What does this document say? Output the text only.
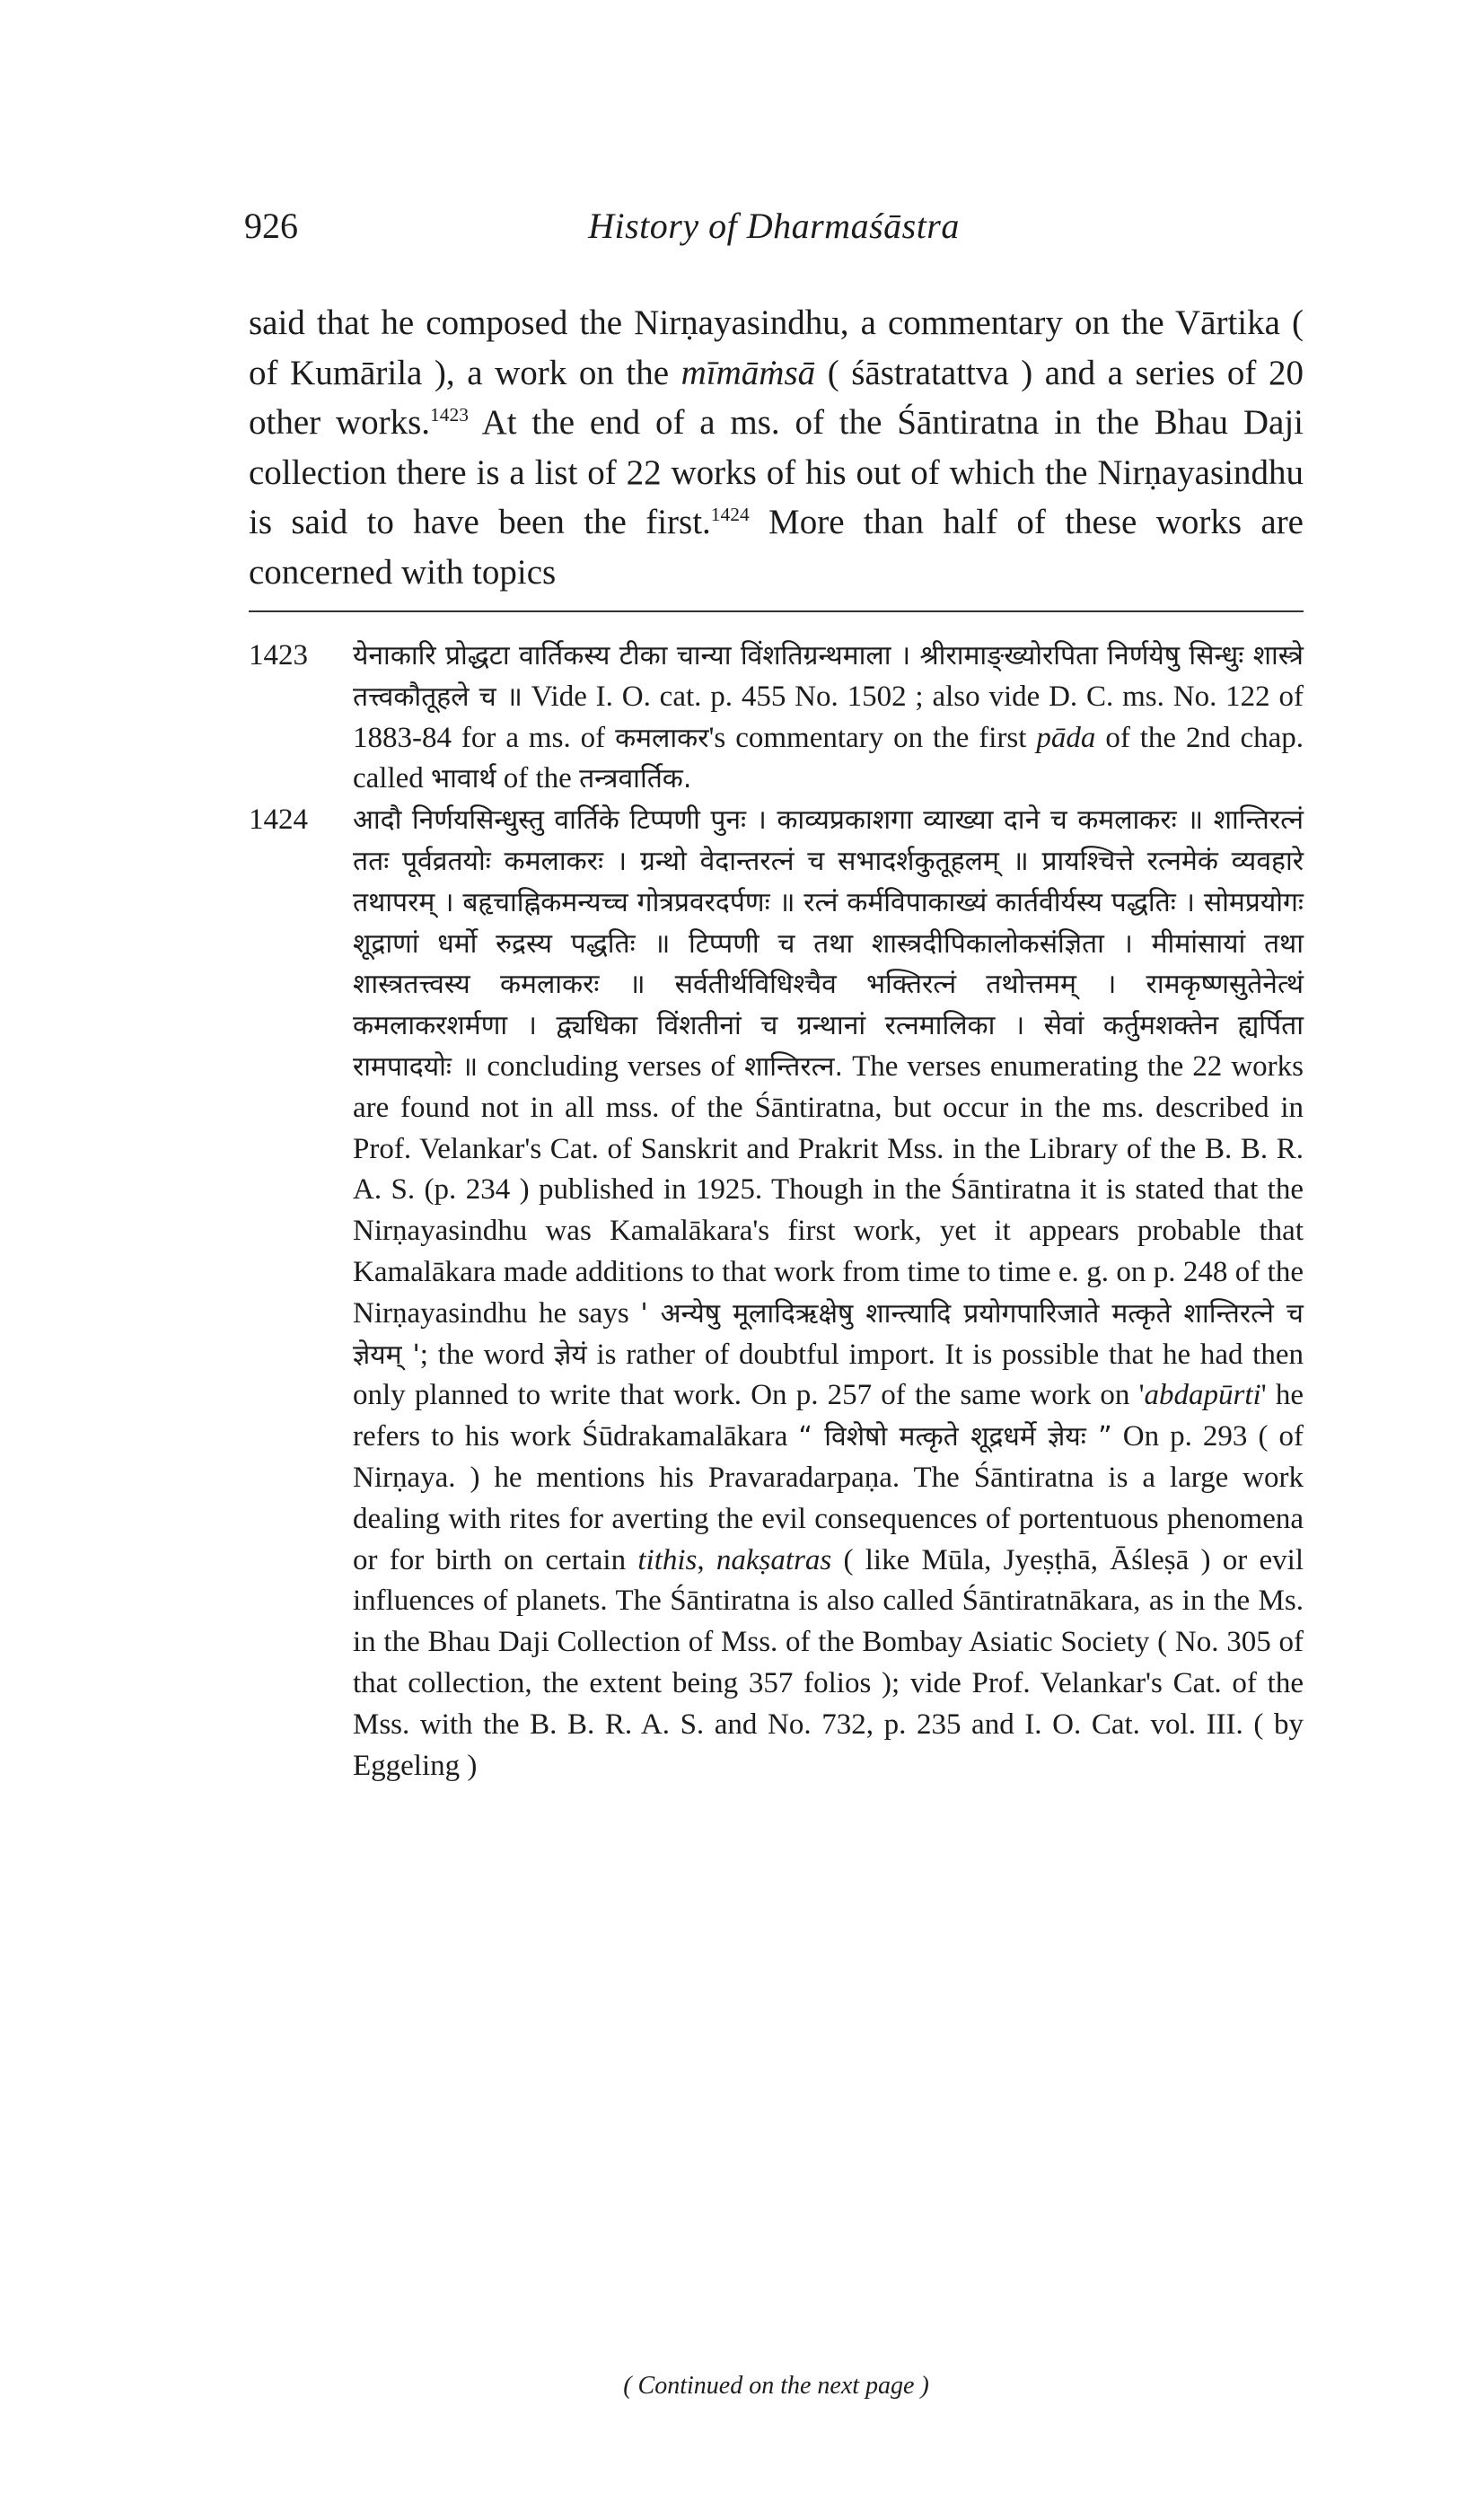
926	History of Dharmaśāstra

said that he composed the Nirṇayasindhu, a commentary on the Vārtika ( of Kumārila ), a work on the mīmāṁsā ( śāstratattva ) and a series of 20 other works.$^{1423}$ At the end of a ms. of the Śāntiratna in the Bhau Daji collection there is a list of 22 works of his out of which the Nirṇayasindhu is said to have been the first.$^{1424}$ More than half of these works are concerned with topics

1423	येनाकारि प्रोद्धटा वार्तिकस्य टीका चान्या विंशतिग्रन्थमाला । श्रीरामाङ्ख्योरपिता निर्णयेषु सिन्धुः शास्त्रे तत्त्वकौतूहले च ॥ Vide I. O. cat. p. 455 No. 1502 ; also vide D. C. ms. No. 122 of 1883-84 for a ms. of कमलाकर's commentary on the first pāda of the 2nd chap. called भावार्थ of the तन्त्रवार्तिक.
1424	आदौ निर्णयसिन्धुस्तु वार्तिके टिप्पणी पुनः । काव्यप्रकाशगा व्याख्या दाने च कमलाकरः ॥ शान्तिरत्नं ततः पूर्वव्रतयोः कमलाकरः । ग्रन्थो वेदान्तरत्नं च सभादर्शकुतूहलम् ॥ प्रायश्चित्ते रत्नमेकं व्यवहारे तथापरम् । बहृचाह्निकमन्यच्च गोत्रप्रवरदर्पणः ॥ रत्नं कर्मविपाकाख्यं कार्तवीर्यस्य पद्धतिः । सोमप्रयोगः शूद्राणां धर्मो रुद्रस्य पद्धतिः ॥ टिप्पणी च तथा शास्त्रदीपिकालोकसंज्ञिता । मीमांसायां तथा शास्त्रतत्त्वस्य कमलाकरः ॥ सर्वतीर्थविधिश्चैव भक्तिरत्नं तथोत्तमम् । रामकृष्णसुतेनेत्थं कमलाकरशर्मणा । द्व्यधिका विंशतीनां च ग्रन्थानां रत्नमालिका । सेवां कर्तुमशक्तेन ह्यर्पिता रामपादयोः ॥ concluding verses of शान्तिरत्न. The verses enumerating the 22 works are found not in all mss. of the Śāntiratna, but occur in the ms. described in Prof. Velankar's Cat. of Sanskrit and Prakrit Mss. in the Library of the B. B. R. A. S. (p. 234 ) published in 1925. Though in the Śāntiratna it is stated that the Nirṇayasindhu was Kamalākara's first work, yet it appears probable that Kamalākara made additions to that work from time to time e. g. on p. 248 of the Nirṇayasindhu he says ' अन्येषु मूलादिऋक्षेषु शान्त्यादि प्रयोगपारिजाते मत्कृते शान्तिरत्ने च ज्ञेयम् '; the word ज्ञेयं is rather of doubtful import. It is possible that he had then only planned to write that work. On p. 257 of the same work on 'abdapūrti' he refers to his work Śūdrakamalākara “ विशेषो मत्कृते शूद्रधर्मे ज्ञेयः ” On p. 293 ( of Nirṇaya. ) he mentions his Pravaradarpaṇa. The Śāntiratna is a large work dealing with rites for averting the evil consequences of portentuous phenomena or for birth on certain tithis, nakṣatras ( like Mūla, Jyeṣṭhā, Āśleṣā ) or evil influences of planets. The Śāntiratna is also called Śāntiratnākara, as in the Ms. in the Bhau Daji Collection of Mss. of the Bombay Asiatic Society ( No. 305 of that collection, the extent being 357 folios ); vide Prof. Velankar's Cat. of the Mss. with the B. B. R. A. S. and No. 732, p. 235 and I. O. Cat. vol. III. ( by Eggeling )
( Continued on the next page )
